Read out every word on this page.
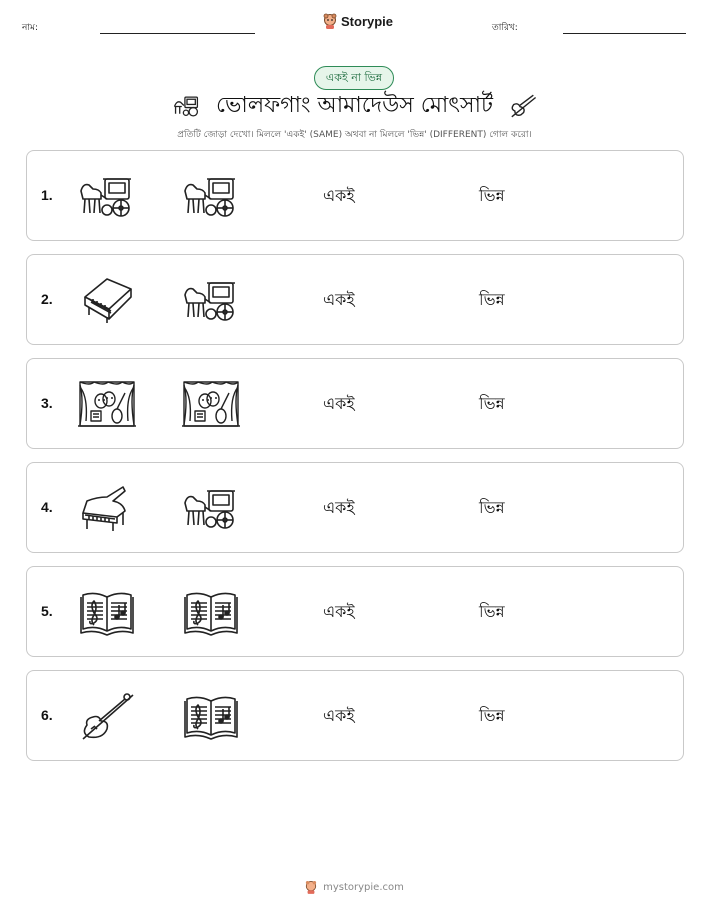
নাম:	Storypie	তারিখ:
একই না ভিন্ন
ভোলফগাং আমাদেউস মোৎসার্ট
প্রতিটি জোড়া দেখো। মিললে 'একই' (SAME) অথবা না মিললে 'ভিন্ন' (DIFFERENT) গোল করো।
1.	একই	ভিন্ন
2.	একই	ভিন্ন
3.	একই	ভিন্ন
4.	একই	ভিন্ন
5.	একই	ভিন্ন
6.	একই	ভিন্ন
mystorypie.com
